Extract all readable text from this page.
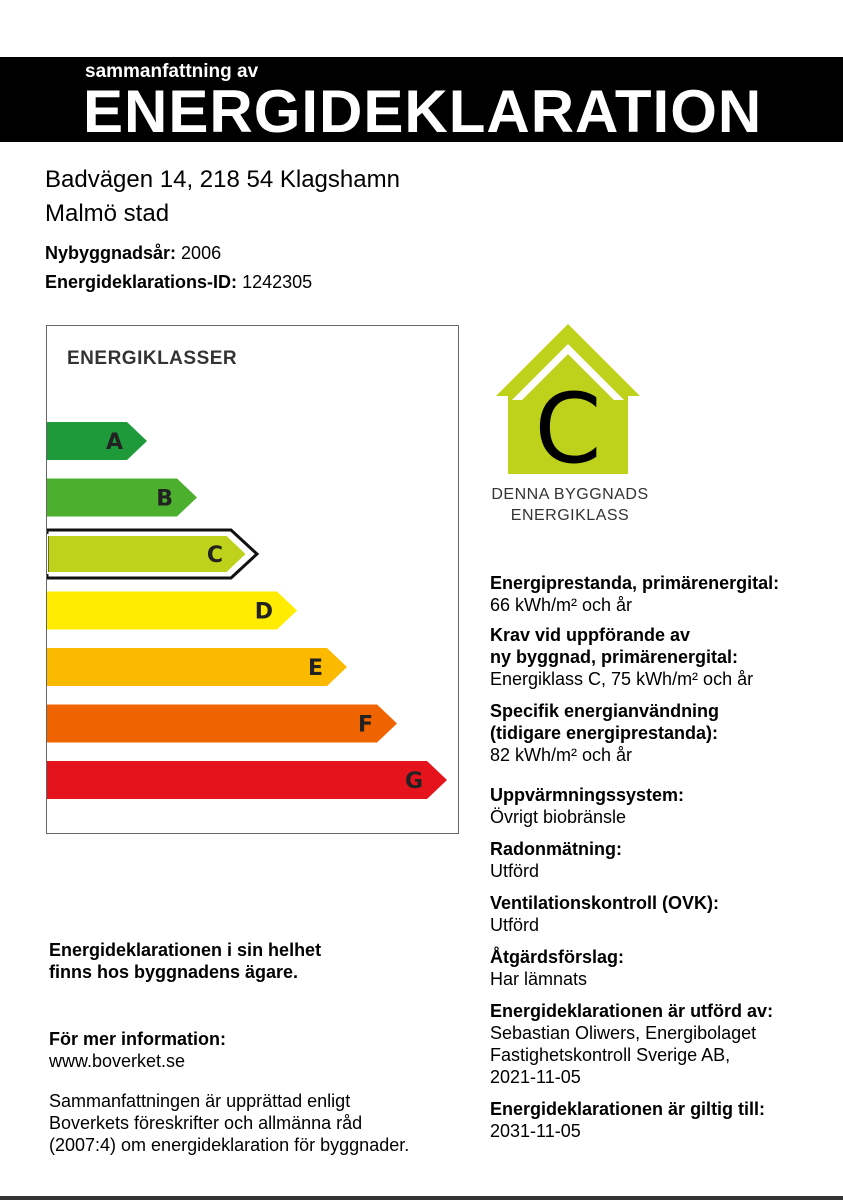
sammanfattning av
ENERGIDEKLARATION
Badvägen 14, 218 54 Klagshamn
Malmö stad
Nybyggnadsår: 2006
Energideklarations-ID: 1242305
A
B
C
D
E
F
G
ENERGIKLASSER
C
DENNA BYGGNADS
ENERGIKLASS
Energiprestanda, primärenergital:
66 kWh/m² och år
Krav vid uppförande av
ny byggnad, primärenergital:
Energiklass C, 75 kWh/m² och år
Specifik energianvändning
(tidigare energiprestanda):
82 kWh/m² och år
Uppvärmningssystem:
Övrigt biobränsle
Radonmätning:
Utförd
Ventilationskontroll (OVK):
Utförd
Åtgärdsförslag:
Har lämnats
Energideklarationen är utförd av:
Sebastian Oliwers, Energibolaget
Fastighetskontroll Sverige AB,
2021-11-05
Energideklarationen är giltig till:
2031-11-05
Energideklarationen i sin helhet
finns hos byggnadens ägare.
För mer information:
www.boverket.se
Sammanfattningen är upprättad enligt
Boverkets föreskrifter och allmänna råd
(2007:4) om energideklaration för byggnader.
